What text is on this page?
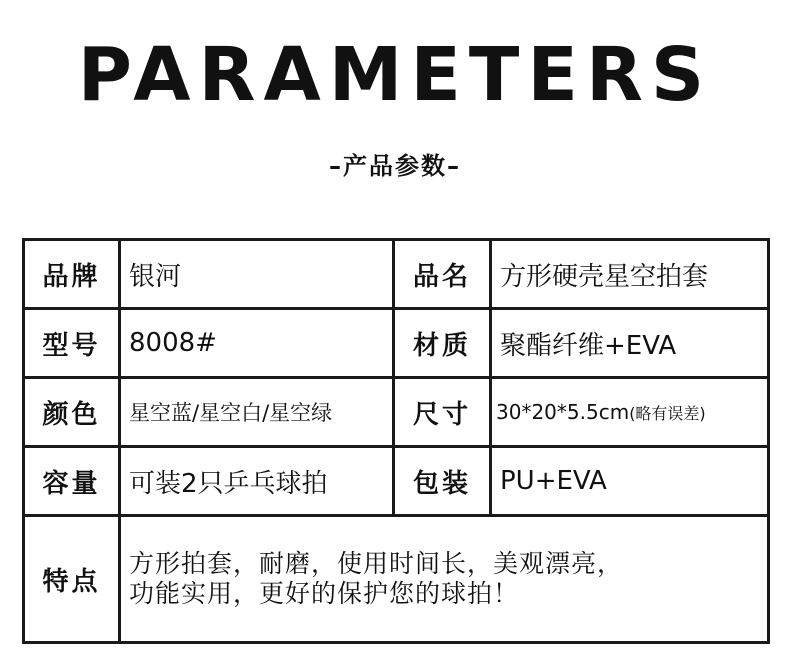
PARAMETERS
–产品参数–
品牌	银河	品名	方形硬壳星空拍套
型号	8008#	材质	聚酯纤维+EVA
颜色	星空蓝/星空白/星空绿	尺寸	30*20*5.5cm(略有误差)
容量	可装2只乒乓球拍	包装	PU+EVA
特点	方形拍套，耐磨，使用时间长，美观漂亮，
功能实用，更好的保护您的球拍！		
